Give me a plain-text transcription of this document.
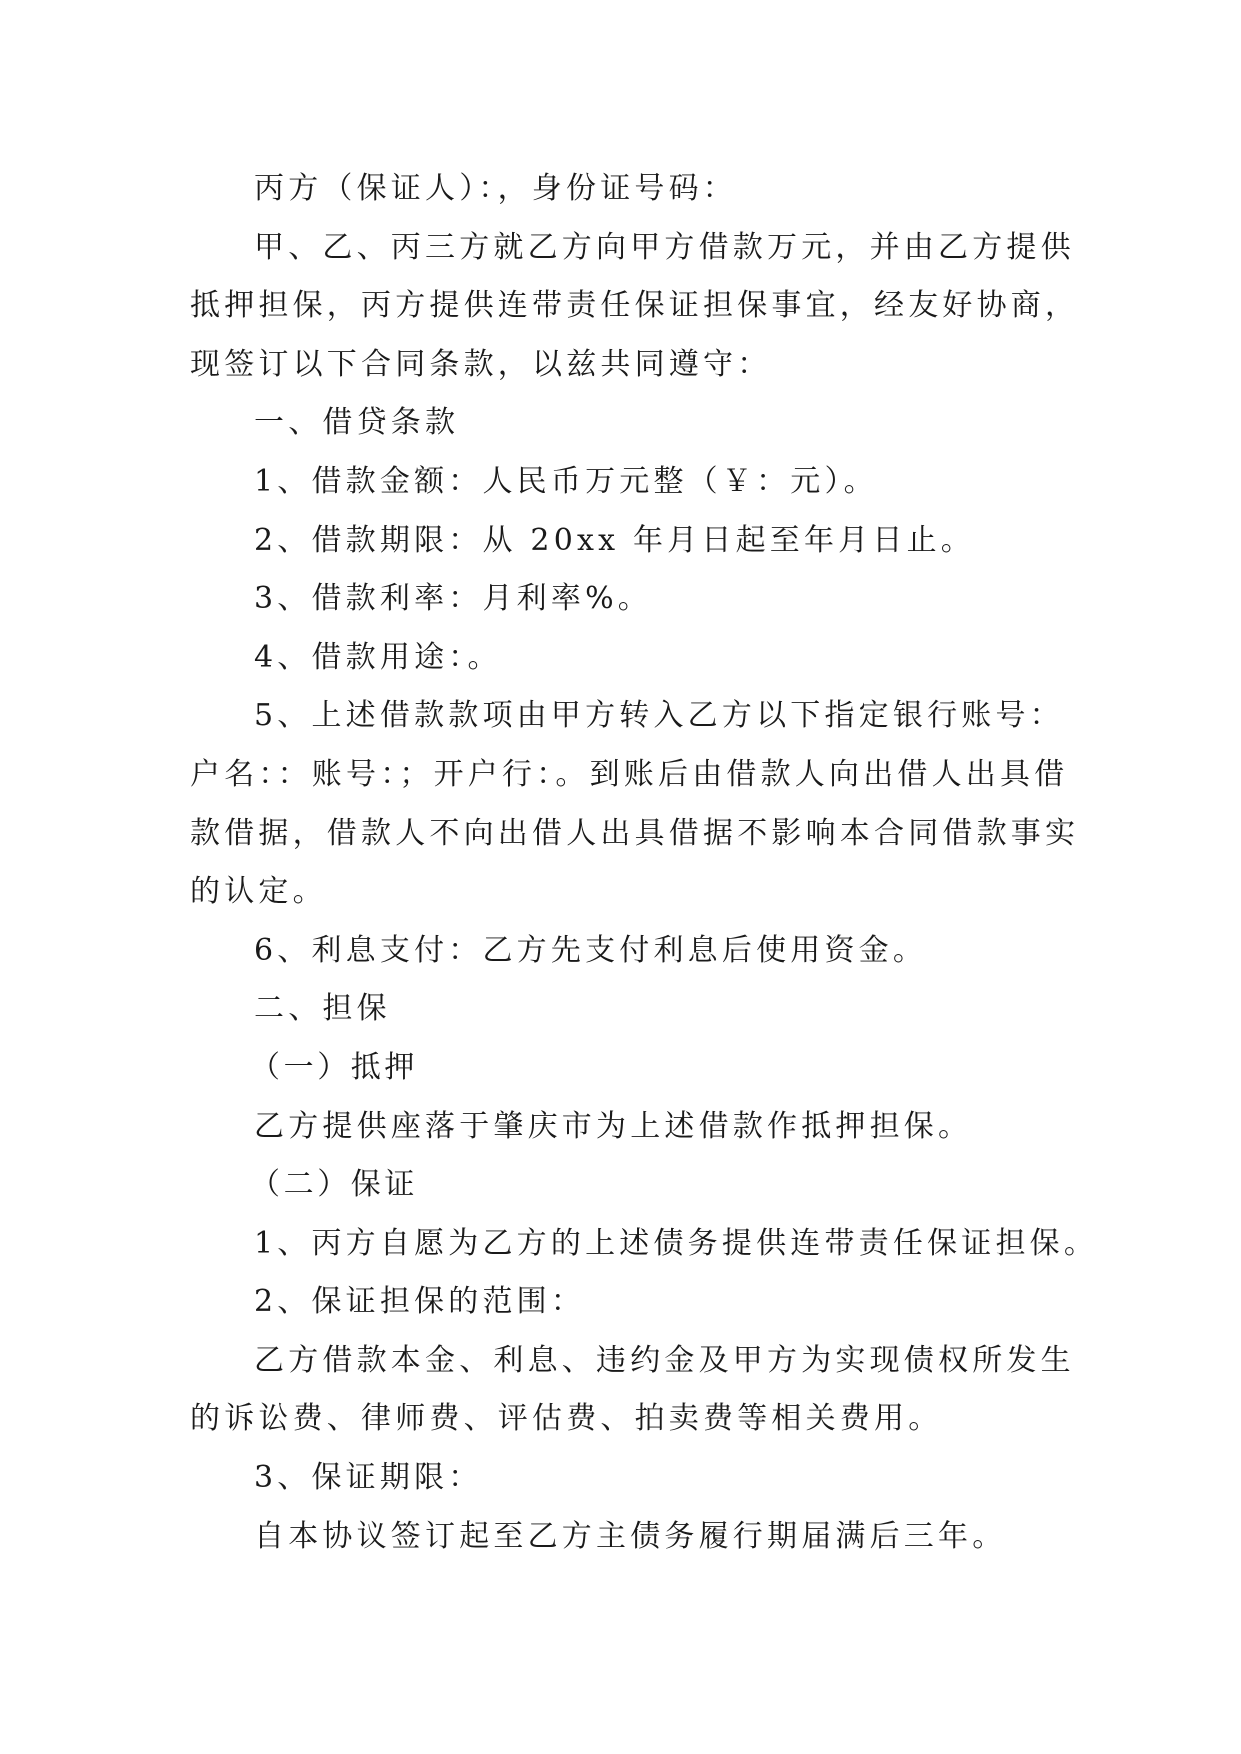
丙方（保证人）：，身份证号码：
甲、乙、丙三方就乙方向甲方借款万元，并由乙方提供
抵押担保，丙方提供连带责任保证担保事宜，经友好协商，
现签订以下合同条款，以兹共同遵守：
一、借贷条款
1、借款金额：人民币万元整（￥：元）。
2、借款期限：从 20xx 年月日起至年月日止。
3、借款利率：月利率%。
4、借款用途：。
5、上述借款款项由甲方转入乙方以下指定银行账号：
户名：：账号：；开户行：。到账后由借款人向出借人出具借
款借据，借款人不向出借人出具借据不影响本合同借款事实
的认定。
6、利息支付：乙方先支付利息后使用资金。
二、担保
（一）抵押
乙方提供座落于肇庆市为上述借款作抵押担保。
（二）保证
1、丙方自愿为乙方的上述债务提供连带责任保证担保。
2、保证担保的范围：
乙方借款本金、利息、违约金及甲方为实现债权所发生
的诉讼费、律师费、评估费、拍卖费等相关费用。
3、保证期限：
自本协议签订起至乙方主债务履行期届满后三年。
